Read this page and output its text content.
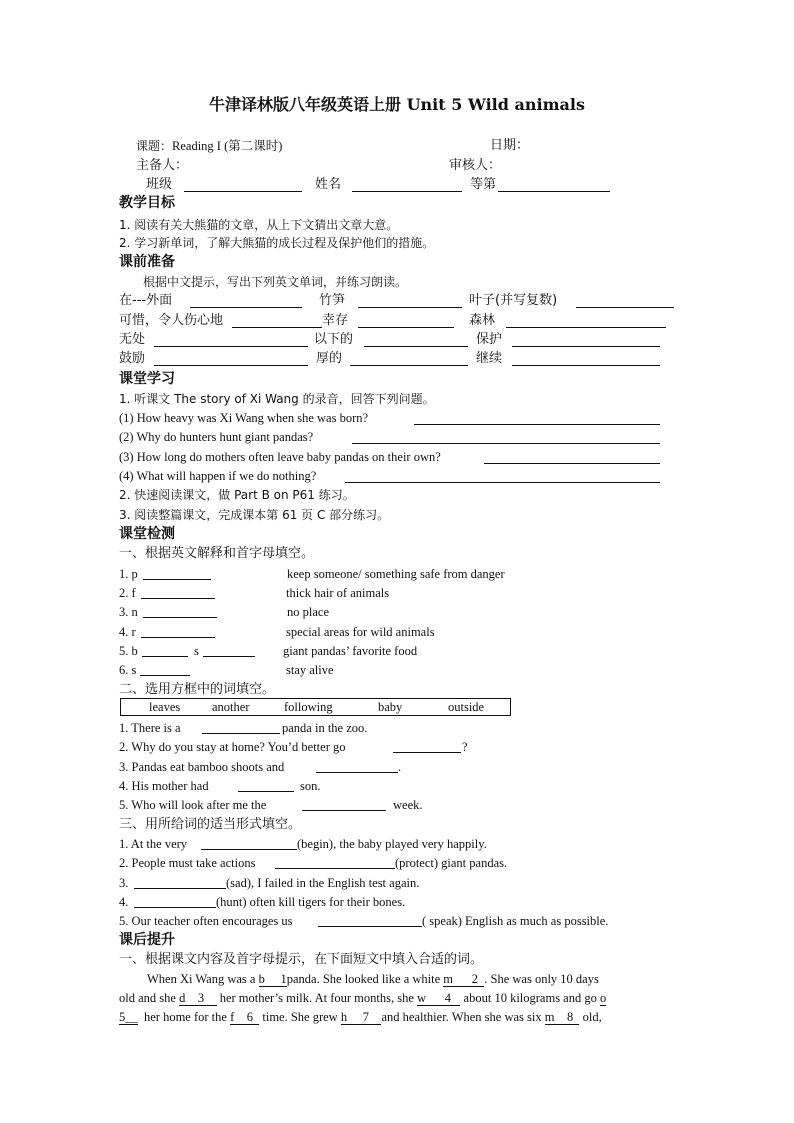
牛津译林版八年级英语上册 Unit 5 Wild animals
课题：Reading I (第二课时)	日期：
主备人：	审核人：
班级	姓名	等第
教学目标
1. 阅读有关大熊猫的文章，从上下文猜出文章大意。
2. 学习新单词，了解大熊猫的成长过程及保护他们的措施。
课前准备
根据中文提示，写出下列英文单词，并练习朗读。
在---外面	竹笋	叶子(并写复数)
可惜，令人伤心地	幸存	森林
无处	以下的	保护
鼓励	厚的	继续
课堂学习
1. 听课文 The story of Xi Wang 的录音，回答下列问题。
(1) How heavy was Xi Wang when she was born?
(2) Why do hunters hunt giant pandas?
(3) How long do mothers often leave baby pandas on their own?
(4) What will happen if we do nothing?
2. 快速阅读课文，做 Part B on P61 练习。
3. 阅读整篇课文，完成课本第 61 页 C 部分练习。
课堂检测
一、根据英文解释和首字母填空。
1. p	keep someone/ something safe from danger
2. f	thick hair of animals
3. n	no place
4. r	special areas for wild animals
5. b	s	giant pandas’ favorite food
6. s	stay alive
二、选用方框中的词填空。
leaves	another	following	baby	outside
1. There is a	panda in the zoo.
2. Why do you stay at home? You’d better go	?
3. Pandas eat bamboo shoots and	.
4. His mother had	son.
5. Who will look after me the	week.
三、用所给词的适当形式填空。
1. At the very	(begin), the baby played very happily.
2. People must take actions	(protect) giant pandas.
3.	(sad), I failed in the English test again.
4.	(hunt) often kill tigers for their bones.
5. Our teacher often encourages us	( speak) English as much as possible.
课后提升
一、根据课文内容及首字母提示，在下面短文中填入合适的词。
When Xi Wang was a b     1panda. She looked like a white m      2  . She was only 10 days
old and she d    3     her mother’s milk. At four months, she w      4    about 10 kilograms and go o
5__  her home for the f    6   time. She grew h     7    and healthier. When she was six m    8   old,
